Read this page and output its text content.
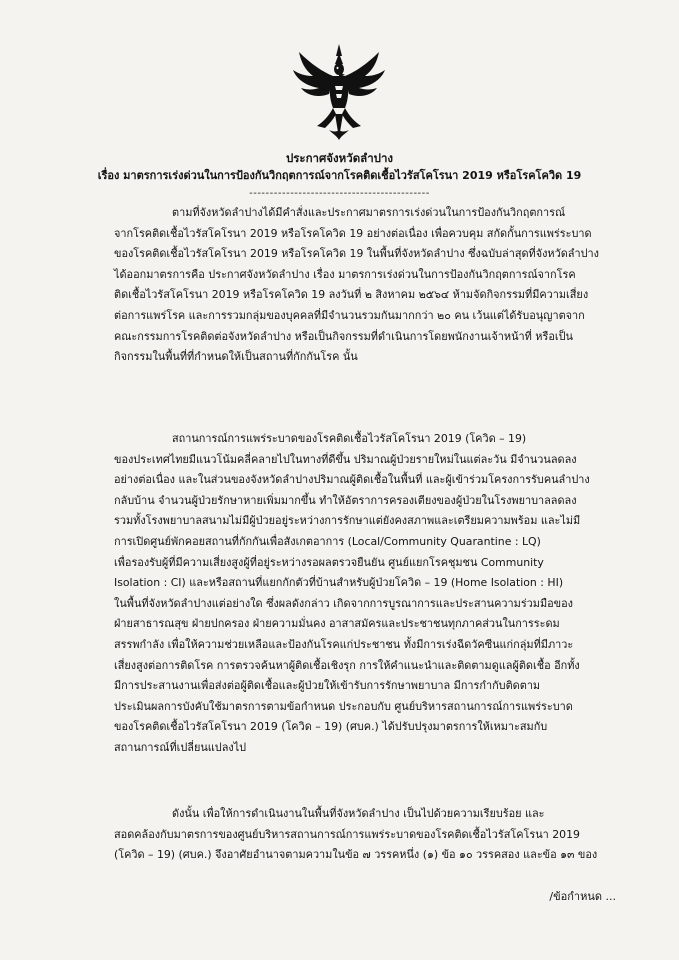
ประกาศจังหวัดลำปาง
เรื่อง มาตรการเร่งด่วนในการป้องกันวิกฤตการณ์จากโรคติดเชื้อไวรัสโคโรนา 2019 หรือโรคโควิด 19
--------------------------------------------
ตามที่จังหวัดลำปางได้มีคำสั่งและประกาศมาตรการเร่งด่วนในการป้องกันวิกฤตการณ์
จากโรคติดเชื้อไวรัสโคโรนา 2019 หรือโรคโควิด 19 อย่างต่อเนื่อง เพื่อควบคุม สกัดกั้นการแพร่ระบาด
ของโรคติดเชื้อไวรัสโคโรนา 2019 หรือโรคโควิด 19 ในพื้นที่จังหวัดลำปาง ซึ่งฉบับล่าสุดที่จังหวัดลำปาง
ได้ออกมาตรการคือ ประกาศจังหวัดลำปาง เรื่อง มาตรการเร่งด่วนในการป้องกันวิกฤตการณ์จากโรค
ติดเชื้อไวรัสโคโรนา 2019 หรือโรคโควิด 19 ลงวันที่ ๒ สิงหาคม ๒๕๖๔ ห้ามจัดกิจกรรมที่มีความเสี่ยง
ต่อการแพร่โรค และการรวมกลุ่มของบุคคลที่มีจำนวนรวมกันมากกว่า ๒๐ คน เว้นแต่ได้รับอนุญาตจาก
คณะกรรมการโรคติดต่อจังหวัดลำปาง หรือเป็นกิจกรรมที่ดำเนินการโดยพนักงานเจ้าหน้าที่ หรือเป็น
กิจกรรมในพื้นที่ที่กำหนดให้เป็นสถานที่กักกันโรค นั้น
สถานการณ์การแพร่ระบาดของโรคติดเชื้อไวรัสโคโรนา 2019 (โควิด – 19)
ของประเทศไทยมีแนวโน้มคลี่คลายไปในทางที่ดีขึ้น ปริมาณผู้ป่วยรายใหม่ในแต่ละวัน มีจำนวนลดลง
อย่างต่อเนื่อง และในส่วนของจังหวัดลำปางปริมาณผู้ติดเชื้อในพื้นที่ และผู้เข้าร่วมโครงการรับคนลำปาง
กลับบ้าน จำนวนผู้ป่วยรักษาหายเพิ่มมากขึ้น ทำให้อัตราการครองเตียงของผู้ป่วยในโรงพยาบาลลดลง
รวมทั้งโรงพยาบาลสนามไม่มีผู้ป่วยอยู่ระหว่างการรักษาแต่ยังคงสภาพและเตรียมความพร้อม และไม่มี
การเปิดศูนย์พักคอยสถานที่กักกันเพื่อสังเกตอาการ (Local/Community Quarantine : LQ)
เพื่อรองรับผู้ที่มีความเสี่ยงสูงผู้ที่อยู่ระหว่างรอผลตรวจยืนยัน ศูนย์แยกโรคชุมชน Community
Isolation : CI) และหรือสถานที่แยกกักตัวที่บ้านสำหรับผู้ป่วยโควิด – 19 (Home Isolation : HI)
ในพื้นที่จังหวัดลำปางแต่อย่างใด ซึ่งผลดังกล่าว เกิดจากการบูรณาการและประสานความร่วมมือของ
ฝ่ายสาธารณสุข ฝ่ายปกครอง ฝ่ายความมั่นคง อาสาสมัครและประชาชนทุกภาคส่วนในการระดม
สรรพกำลัง เพื่อให้ความช่วยเหลือและป้องกันโรคแก่ประชาชน ทั้งมีการเร่งฉีดวัคซีนแก่กลุ่มที่มีภาวะ
เสี่ยงสูงต่อการติดโรค การตรวจค้นหาผู้ติดเชื้อเชิงรุก การให้คำแนะนำและติดตามดูแลผู้ติดเชื้อ อีกทั้ง
มีการประสานงานเพื่อส่งต่อผู้ติดเชื้อและผู้ป่วยให้เข้ารับการรักษาพยาบาล มีการกำกับติดตาม
ประเมินผลการบังคับใช้มาตรการตามข้อกำหนด ประกอบกับ ศูนย์บริหารสถานการณ์การแพร่ระบาด
ของโรคติดเชื้อไวรัสโคโรนา 2019 (โควิด – 19) (ศบค.) ได้ปรับปรุงมาตรการให้เหมาะสมกับ
สถานการณ์ที่เปลี่ยนแปลงไป
ดังนั้น เพื่อให้การดำเนินงานในพื้นที่จังหวัดลำปาง เป็นไปด้วยความเรียบร้อย และ
สอดคล้องกับมาตรการของศูนย์บริหารสถานการณ์การแพร่ระบาดของโรคติดเชื้อไวรัสโคโรนา 2019
(โควิด – 19) (ศบค.) จึงอาศัยอำนาจตามความในข้อ ๗ วรรคหนึ่ง (๑) ข้อ ๑๐ วรรคสอง และข้อ ๑๓ ของ
/ข้อกำหนด ...
